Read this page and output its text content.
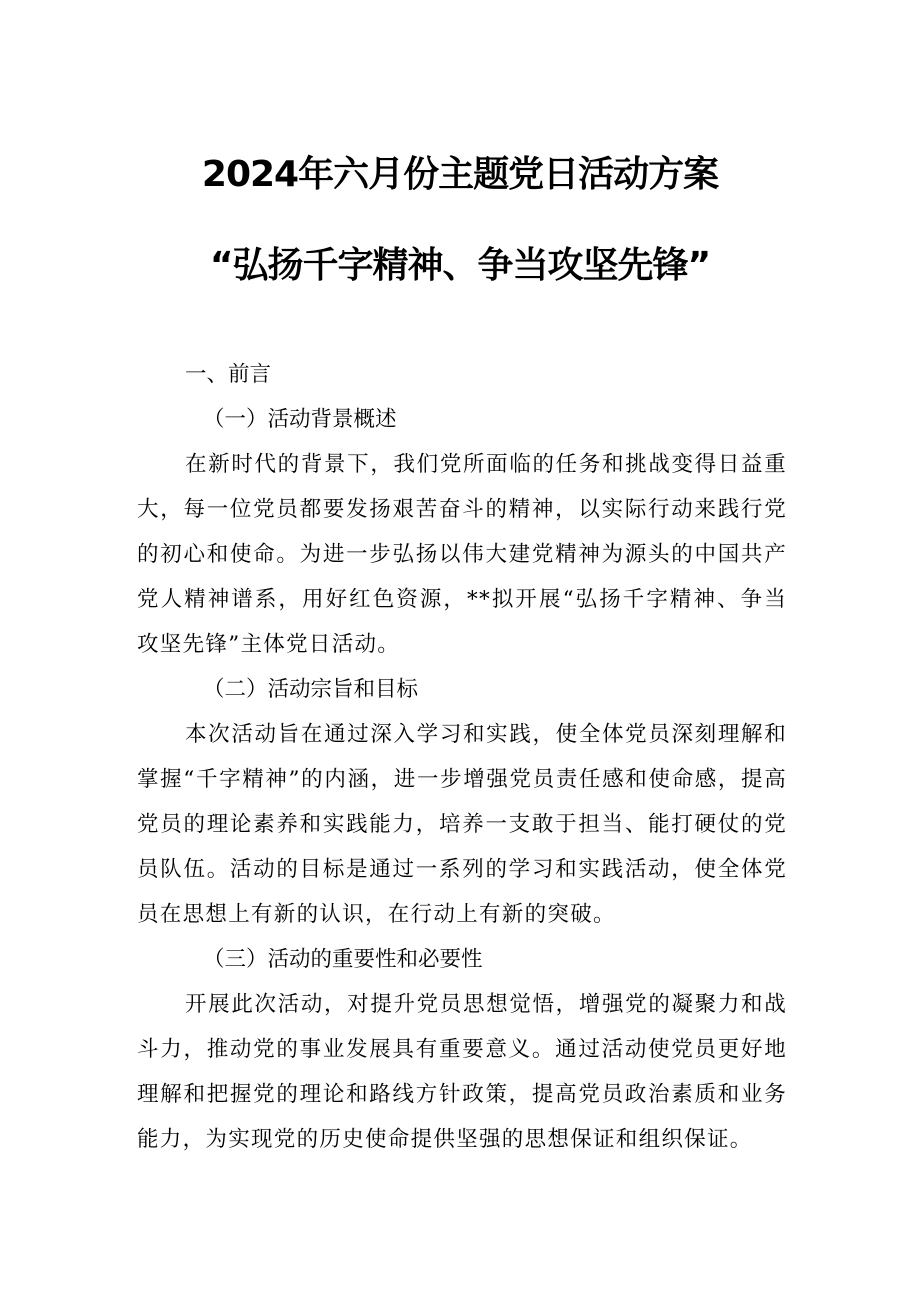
2024年六月份主题党日活动方案
“弘扬千字精神、争当攻坚先锋”
一、前言
（一）活动背景概述

在新时代的背景下，我们党所面临的任务和挑战变得日益重大，每一位党员都要发扬艰苦奋斗的精神，以实际行动来践行党的初心和使命。为进一步弘扬以伟大建党精神为源头的中国共产党人精神谱系，用好红色资源，**拟开展“弘扬千字精神、争当攻坚先锋”主体党日活动。

（二）活动宗旨和目标

本次活动旨在通过深入学习和实践，使全体党员深刻理解和掌握“千字精神”的内涵，进一步增强党员责任感和使命感，提高党员的理论素养和实践能力，培养一支敢于担当、能打硬仗的党员队伍。活动的目标是通过一系列的学习和实践活动，使全体党员在思想上有新的认识，在行动上有新的突破。

（三）活动的重要性和必要性

开展此次活动，对提升党员思想觉悟，增强党的凝聚力和战斗力，推动党的事业发展具有重要意义。通过活动使党员更好地理解和把握党的理论和路线方针政策，提高党员政治素质和业务能力，为实现党的历史使命提供坚强的思想保证和组织保证。
